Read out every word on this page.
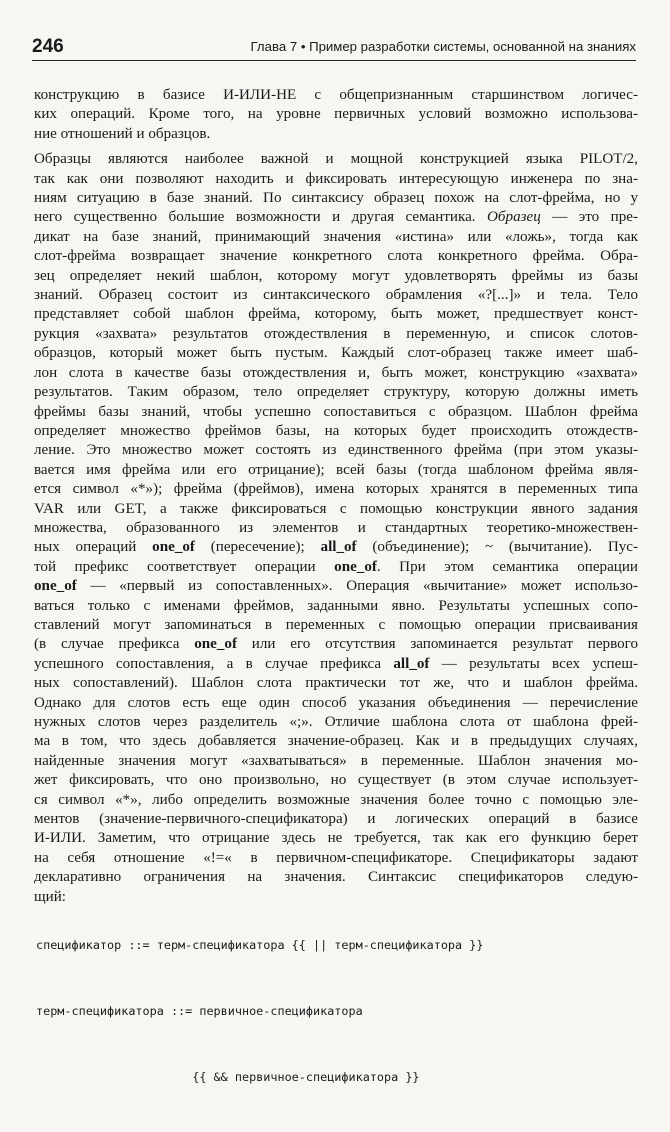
246	Глава 7 • Пример разработки системы, основанной на знаниях

конструкцию в базисе И-ИЛИ-НЕ с общепризнанным старшинством логичес-
ких операций. Кроме того, на уровне первичных условий возможно использова-
ние отношений и образцов.

Образцы являются наиболее важной и мощной конструкцией языка PILOT/2,
так как они позволяют находить и фиксировать интересующую инженера по зна-
ниям ситуацию в базе знаний. По синтаксису образец похож на слот-фрейма, но у
него существенно большие возможности и другая семантика. Образец — это пре-
дикат на базе знаний, принимающий значения «истина» или «ложь», тогда как
слот-фрейма возвращает значение конкретного слота конкретного фрейма. Обра-
зец определяет некий шаблон, которому могут удовлетворять фреймы из базы
знаний. Образец состоит из синтаксического обрамления «?[...]» и тела. Тело
представляет собой шаблон фрейма, которому, быть может, предшествует конст-
рукция «захвата» результатов отождествления в переменную, и список слотов-
образцов, который может быть пустым. Каждый слот-образец также имеет шаб-
лон слота в качестве базы отождествления и, быть может, конструкцию «захвата»
результатов. Таким образом, тело определяет структуру, которую должны иметь
фреймы базы знаний, чтобы успешно сопоставиться с образцом. Шаблон фрейма
определяет множество фреймов базы, на которых будет происходить отождеств-
ление. Это множество может состоять из единственного фрейма (при этом указы-
вается имя фрейма или его отрицание); всей базы (тогда шаблоном фрейма явля-
ется символ «*»); фрейма (фреймов), имена которых хранятся в переменных типа
VAR или GET, а также фиксироваться с помощью конструкции явного задания
множества, образованного из элементов и стандартных теоретико-множествен-
ных операций one_of (пересечение); all_of (объединение); ~ (вычитание). Пус-
той префикс соответствует операции one_of. При этом семантика операции
one_of — «первый из сопоставленных». Операция «вычитание» может использо-
ваться только с именами фреймов, заданными явно. Результаты успешных сопо-
ставлений могут запоминаться в переменных с помощью операции присваивания
(в случае префикса one_of или его отсутствия запоминается результат первого
успешного сопоставления, а в случае префикса all_of — результаты всех успеш-
ных сопоставлений). Шаблон слота практически тот же, что и шаблон фрейма.
Однако для слотов есть еще один способ указания объединения — перечисление
нужных слотов через разделитель «;». Отличие шаблона слота от шаблона фрей-
ма в том, что здесь добавляется значение-образец. Как и в предыдущих случаях,
найденные значения могут «захватываться» в переменные. Шаблон значения мо-
жет фиксировать, что оно произвольно, но существует (в этом случае использует-
ся символ «*», либо определить возможные значения более точно с помощью эле-
ментов (значение-первичного-спецификатора) и логических операций в базисе
И-ИЛИ. Заметим, что отрицание здесь не требуется, так как его функцию берет
на себя отношение «!=« в первичном-спецификаторе. Спецификаторы задают
декларативно ограничения на значения. Синтаксис спецификаторов следую-
щий:

спецификатор ::= терм-спецификатора {{ || терм-спецификатора }}

терм-спецификатора ::= первичное-спецификатора

{{ && первичное-спецификатора }}
